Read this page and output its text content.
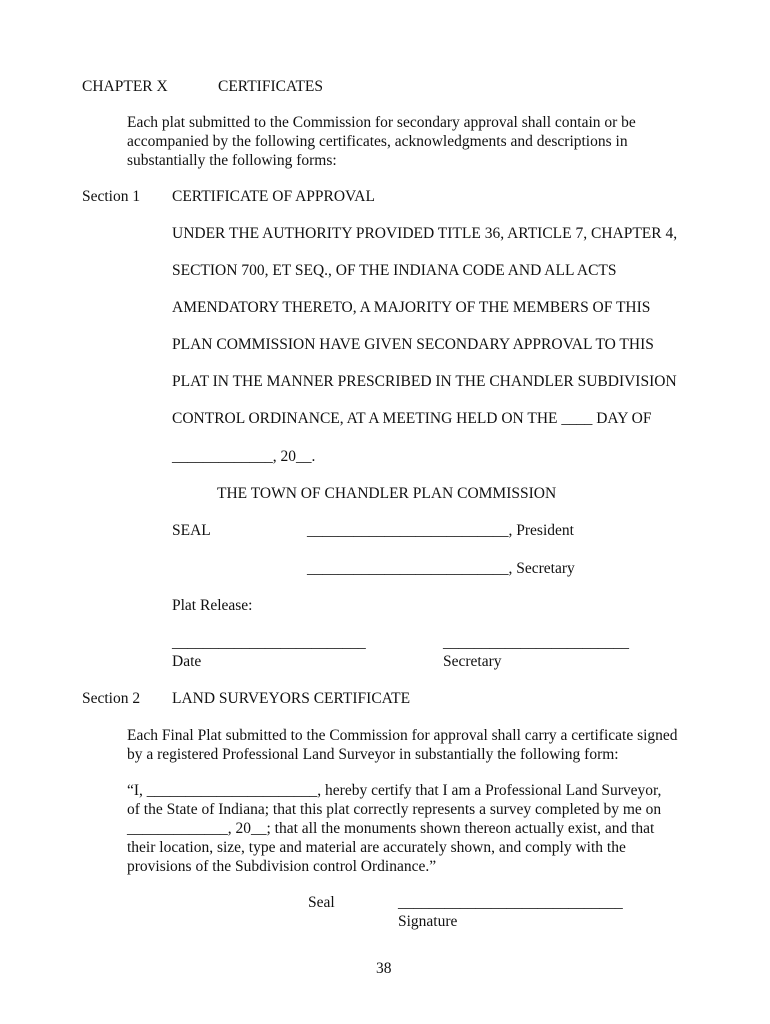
CHAPTER X	CERTIFICATES
Each plat submitted to the Commission for secondary approval shall contain or be
accompanied by the following certificates, acknowledgments and descriptions in
substantially the following forms:
Section 1 CERTIFICATE OF APPROVAL
UNDER THE AUTHORITY PROVIDED TITLE 36, ARTICLE 7, CHAPTER 4,
SECTION 700, ET SEQ., OF THE INDIANA CODE AND ALL ACTS
AMENDATORY THERETO, A MAJORITY OF THE MEMBERS OF THIS
PLAN COMMISSION HAVE GIVEN SECONDARY APPROVAL TO THIS
PLAT IN THE MANNER PRESCRIBED IN THE CHANDLER SUBDIVISION
CONTROL ORDINANCE, AT A MEETING HELD ON THE ____ DAY OF
_____________, 20__.
THE TOWN OF CHANDLER PLAN COMMISSION
SEAL	__________________________, President
__________________________, Secretary
Plat Release:
_________________________
Date
________________________
Secretary
Section 2 LAND SURVEYORS CERTIFICATE
Each Final Plat submitted to the Commission for approval shall carry a certificate signed
by a registered Professional Land Surveyor in substantially the following form:
“I, ______________________, hereby certify that I am a Professional Land Surveyor,
of the State of Indiana; that this plat correctly represents a survey completed by me on
_____________, 20__; that all the monuments shown thereon actually exist, and that
their location, size, type and material are accurately shown, and comply with the
provisions of the Subdivision control Ordinance.”
Seal	_____________________________
Signature
38
